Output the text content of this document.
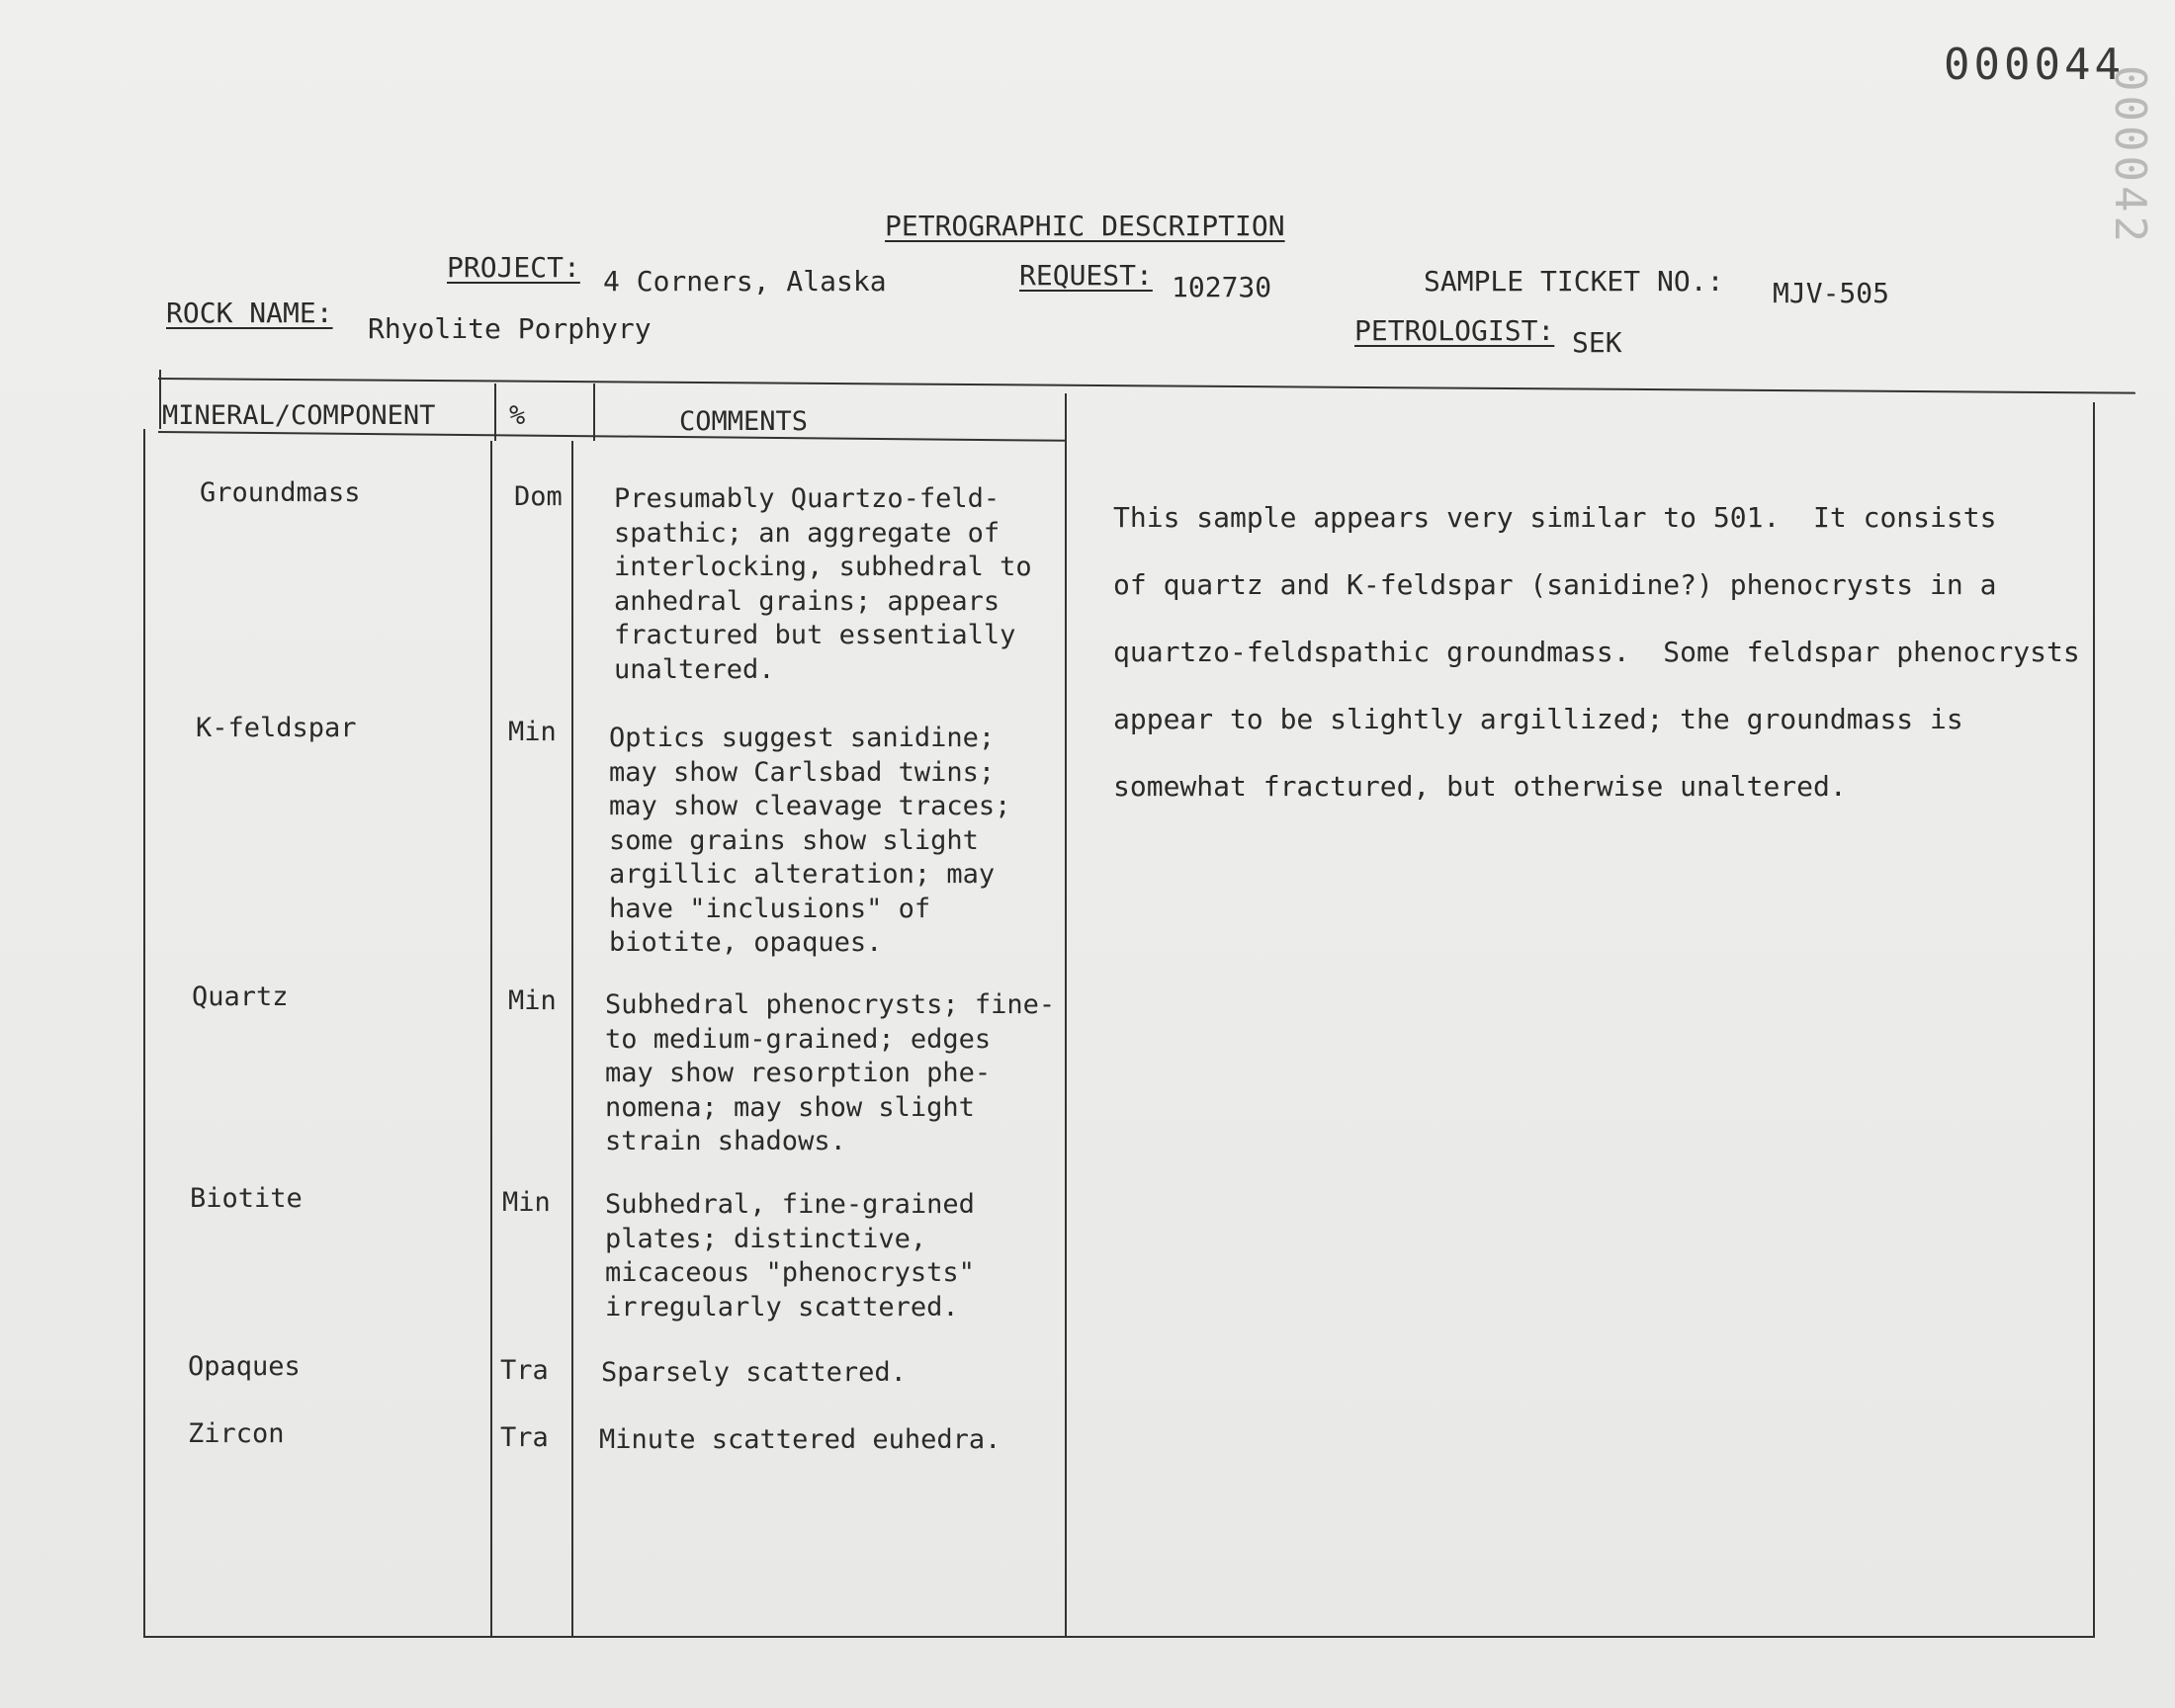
000044
000042
PETROGRAPHIC DESCRIPTION
PROJECT: 4 Corners, Alaska	REQUEST: 102730	SAMPLE TICKET NO.: MJV-505
ROCK NAME: Rhyolite Porphyry	PETROLOGIST: SEK
MINERAL/COMPONENT	%	COMMENTS
Groundmass	Dom Presumably Quartzo-feld-
spathic; an aggregate of
interlocking, subhedral to
anhedral grains; appears
fractured but essentially
unaltered.
K-feldspar	Min Optics suggest sanidine;
may show Carlsbad twins;
may show cleavage traces;
some grains show slight
argillic alteration; may
have "inclusions" of
biotite, opaques.
Quartz	Min Subhedral phenocrysts; fine-
to medium-grained; edges
may show resorption phe-
nomena; may show slight
strain shadows.
Biotite	Min Subhedral, fine-grained
plates; distinctive,
micaceous "phenocrysts"
irregularly scattered.
Opaques	Tra Sparsely scattered.
Zircon	Tra Minute scattered euhedra.
This sample appears very similar to 501.  It consists
of quartz and K-feldspar (sanidine?) phenocrysts in a
quartzo-feldspathic groundmass.  Some feldspar phenocrysts
appear to be slightly argillized; the groundmass is
somewhat fractured, but otherwise unaltered.
